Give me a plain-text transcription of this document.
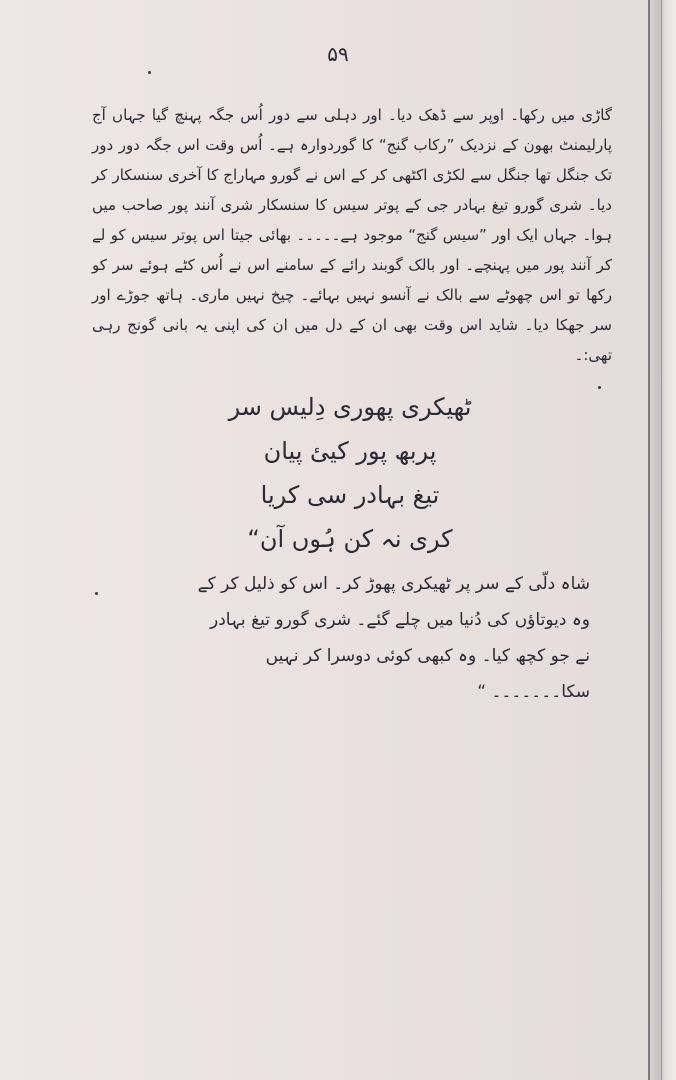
۵۹

گاڑی میں رکھا۔ اوپر سے ڈھک دیا۔ اور دہلی سے دور اُس جگہ پہنچ گیا جہاں آج پارلیمنٹ بھون کے نزدیک ”رکاب گنج“ کا گوردوارہ ہے۔ اُس وقت اس جگہ دور دور تک جنگل تھا جنگل سے لکڑی اکٹھی کر کے اس نے گورو مہاراج کا آخری سنسکار کر دیا۔ شری گورو تیغ بہادر جی کے پوتر سیس کا سنسکار شری آنند پور صاحب میں ہوا۔ جہاں ایک اور ”سیس گنج“ موجود ہے۔۔۔۔۔ بھائی جیتا اس پوتر سیس کو لے کر آنند پور میں پہنچے۔ اور بالک گوبند رائے کے سامنے اس نے اُس کٹے ہوئے سر کو رکھا تو اس چھوٹے سے بالک نے آنسو نہیں بہائے۔ چیخ نہیں ماری۔ ہاتھ جوڑے اور سر جھکا دیا۔ شاید اس وقت بھی ان کے دل میں ان کی اپنی یہ بانی گونج رہی تھی:۔

ٹھیکری پھوری دِلیس سر
پربھ پور کیئ پیان
تیغ بہادر سی کریا
کری نہ کن ہُوں آن“

شاہ دلّی کے سر پر ٹھیکری پھوڑ کر۔ اس کو ذلیل کر کے

وہ دیوتاؤں کی دُنیا میں چلے گئے۔ شری گورو تیغ بہادر

نے جو کچھ کیا۔ وہ کبھی کوئی دوسرا کر نہیں سکا۔۔۔۔۔۔۔ “
